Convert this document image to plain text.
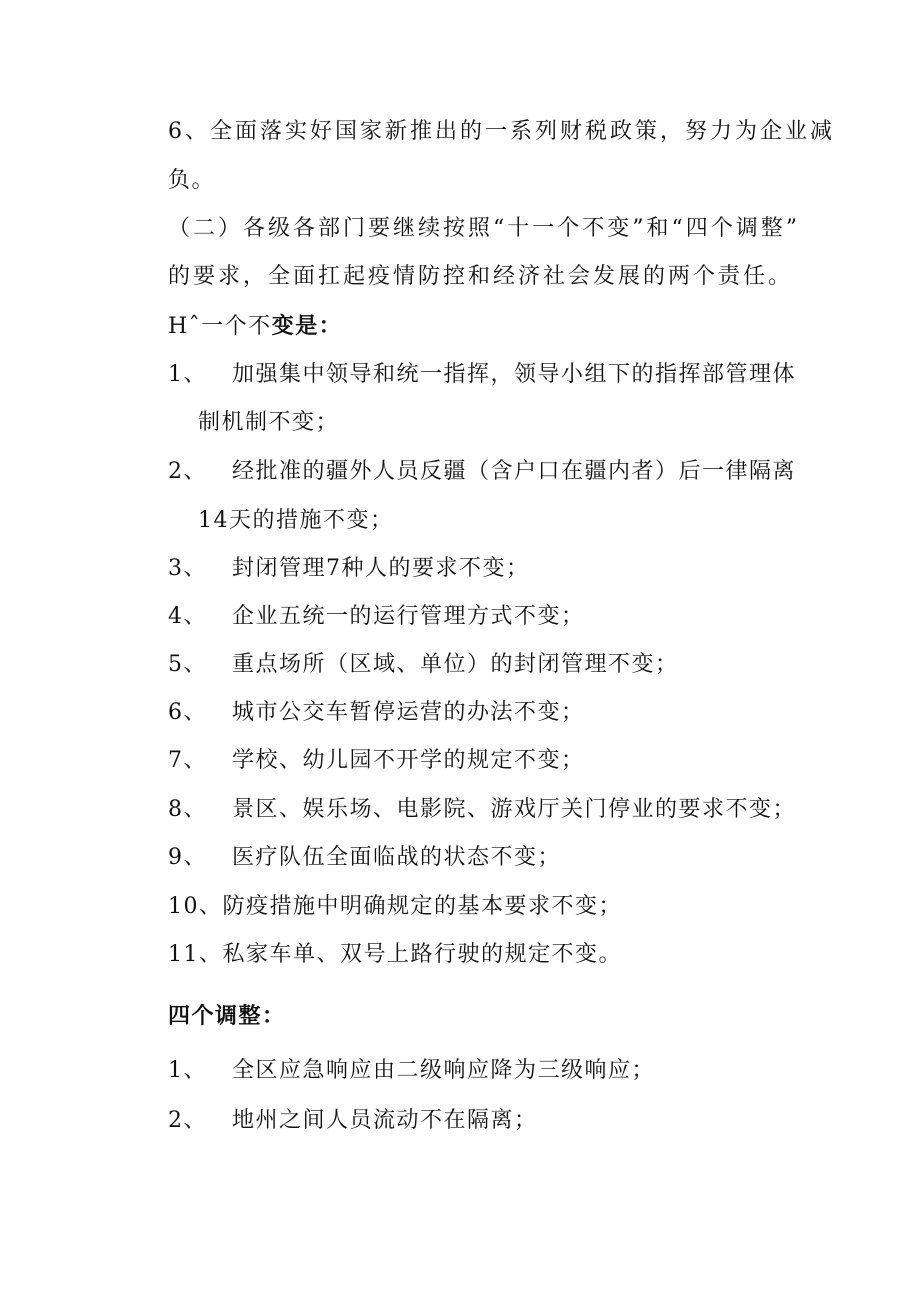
6、全面落实好国家新推出的一系列财税政策，努力为企业减
负。
（二）各级各部门要继续按照“十一个不变”和“四个调整”
的要求，全面扛起疫情防控和经济社会发展的两个责任。
Hˆ一个不变是：
1、 加强集中领导和统一指挥，领导小组下的指挥部管理体
制机制不变；
2、 经批准的疆外人员反疆（含户口在疆内者）后一律隔离
14天的措施不变；
3、 封闭管理7种人的要求不变；
4、 企业五统一的运行管理方式不变；
5、 重点场所（区域、单位）的封闭管理不变；
6、 城市公交车暂停运营的办法不变；
7、 学校、幼儿园不开学的规定不变；
8、 景区、娱乐场、电影院、游戏厅关门停业的要求不变；
9、 医疗队伍全面临战的状态不变；
10、防疫措施中明确规定的基本要求不变；
11、私家车单、双号上路行驶的规定不变。
四个调整：
1、 全区应急响应由二级响应降为三级响应；
2、 地州之间人员流动不在隔离；
